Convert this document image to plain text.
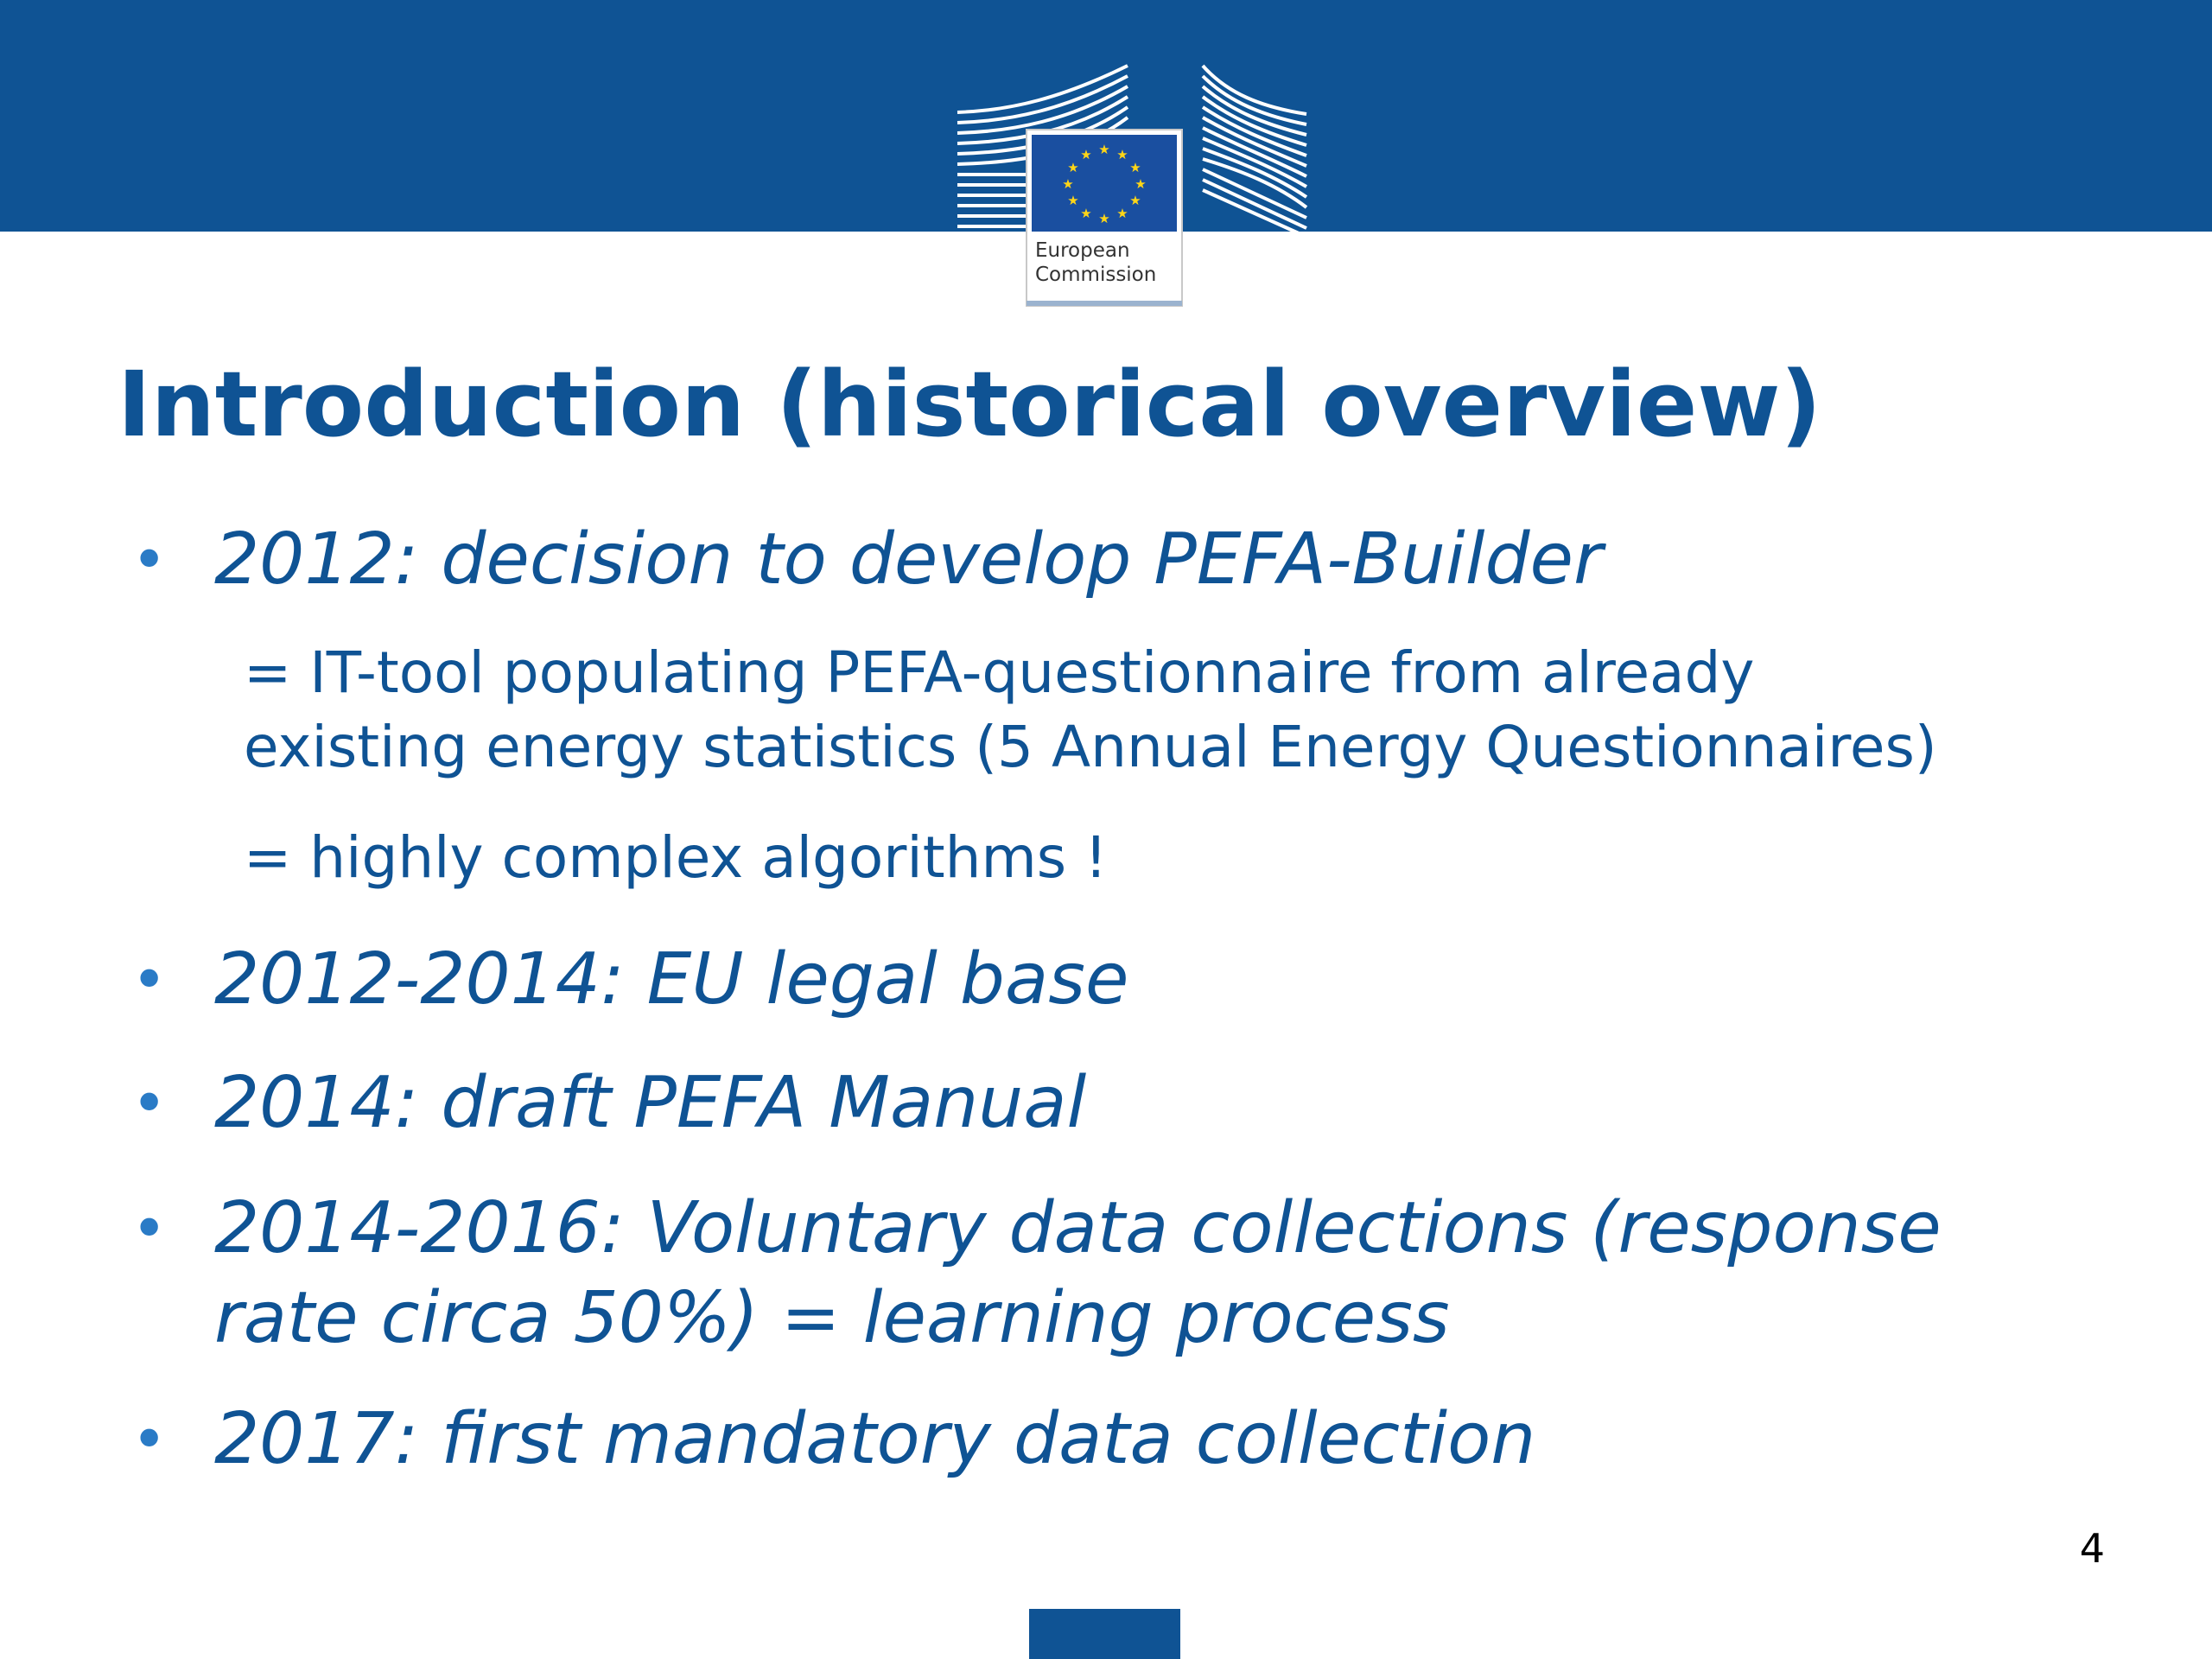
★ ★
★
★
★
★
★
★
★
★
★
★
European
Commission
Introduction (historical overview)
• 2012: decision to develop PEFA-Builder
= IT-tool populating PEFA-questionnaire from already
existing energy statistics (5 Annual Energy Questionnaires)
= highly complex algorithms !
• 2012-2014: EU legal base
• 2014: draft PEFA Manual
• 2014-2016: Voluntary data collections (response
rate circa 50%) = learning process
• 2017: first mandatory data collection
4
